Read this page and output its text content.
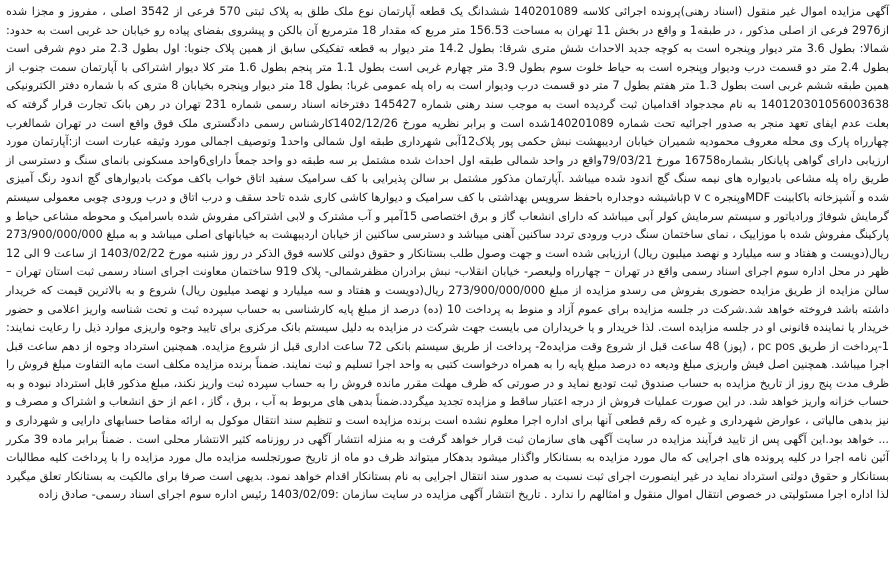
آگهی مزایده اموال غیر منقول (اسناد رهنی)پرونده اجرائی کلاسه 140201089 ششدانگ یک قطعه آپارتمان نوع ملک طلق به پلاک ثبتی 570 فرعی از 3542 اصلی ، مفروز و مجزا شده از2976 فرعی از اصلی مذکور ، در طبقه1 و واقع در بخش 11 تهران به مساحت 156.53 متر مربع که مقدار 18 مترمربع آن بالکن و پیشروی بفضای پیاده رو خیابان حد غربی است به حدود: شمالا: بطول 3.6 متر دیوار وپنجره است به کوچه جدید الاحداث شش متری شرقا: بطول 14.2 متر دیوار به قطعه تفکیکی سابق از همین پلاک جنوبا: اول بطول 2.3 متر دوم شرقی است بطول 2.4 متر دو قسمت درب ودیوار وپنجره است به حیاط خلوت سوم بطول 3.9 متر چهارم غربی است بطول 1.1 متر پنجم بطول 1.6 متر کلا دیوار اشتراکی با آپارتمان سمت جنوب از همین طبقه ششم غربی است بطول 1.3 متر هفتم بطول 7 متر دو قسمت درب ودیوار است به راه پله عمومی غربا: بطول 18 متر دیوار وپنجره بخیابان 8 متری که با شماره دفتر الکترونیکی 140120301056003638 به نام مجدجواد اقدامیان ثبت گردیده است به موجب سند رهنی شماره 145427 دفترخانه اسناد رسمی شماره 231 تهران در رهن بانک تجارت قرار گرفته که بعلت عدم ایفای تعهد منجر به صدور اجرائیه تحت شماره 140201089شده است و برابر نظریه مورخ 1402/12/26کارشناس رسمی دادگستری ملک فوق واقع است در تهران شمالغرب چهارراه پارک وی محله معروف محمودیه شمیران خیابان اردیبهشت نبش حکمی پور پلاک12آبی شهرداری طبقه اول شمالی واحد1 وتوصیف اجمالی مورد وثیقه عبارت است از:آپارتمان مورد ارزیابی دارای گواهی پایانکار بشماره16758 مورخ 79/03/21واقع در واحد شمالی طبقه اول احداث شده مشتمل بر سه طبقه دو واحد جمعاً دارای6واحد مسکونی بانمای سنگ و دسترسی از طریق راه پله مشاعی بادیواره های نیمه سنگ گچ اندود شده میباشد .آپارتمان مذکور مشتمل بر سالن پذیرایی با کف سرامیک سفید اتاق خواب باکف موکت بادیوارهای گچ اندود رنگ آمیزی شده و آشپزخانه باکابینت MDFوپنجره p v cباشیشه دوجداره باحفظ سرویس بهداشتی با کف سرامیک و دیوارها کاشی کاری شده تاحد سقف و درب اتاق و درب ورودی چوبی معمولی سیستم گرمایش شوفاژ ورادیاتور و سیستم سرمایش کولر آبی میباشد که دارای انشعاب گاز و برق اختصاصی 15آمپر و آب مشترک و لابی اشتراکی مفروش شده باسرامیک و محوطه مشاعی حیاط و پارکینگ مفروش شده با موزاییک ، نمای ساختمان سنگ درب ورودی تردد ساکنین آهنی میباشد و دسترسی ساکنین از خیابان اردیبهشت به خیابانهای اصلی میباشد و به مبلغ 273/900/000/000 ریال(دویست و هفتاد و سه میلیارد و نهصد میلیون ریال) ارزیابی شده است و جهت وصول طلب بستانکار و حقوق دولتی کلاسه فوق الذکر در روز شنبه مورخ 1403/02/22 از ساعت 9 الی 12 ظهر در محل اداره سوم اجرای اسناد رسمی واقع در تهران – چهارراه ولیعصر- خیابان انقلاب- نبش برادران مظفرشمالی- پلاک 919 ساختمان معاونت اجرای اسناد رسمی ثبت استان تهران – سالن مزایده از طریق مزایده حضوری بفروش می رسدو مزایده از مبلغ 273/900/000/000 ریال(دویست و هفتاد و سه میلیارد و نهصد میلیون ریال) شروع و به بالاترین قیمت که خریدار داشته باشد فروخته خواهد شد.شرکت در جلسه مزایده برای عموم آزاد و منوط به پرداخت 10 (ده) درصد از مبلغ پایه کارشناسی به حساب سپرده ثبت و تحت شناسه واریز اعلامی و حضور خریدار یا نماینده قانونی او در جلسه مزایده است. لذا خریدار و یا خریداران می بایست جهت شرکت در مزایده به دلیل سیستم بانک مرکزی برای تایید وجوه واریزی موارد ذیل را رعایت نمایند: 1-پرداخت از طریق pc pos ، (پوز) 48 ساعت قبل از شروع وقت مزایده2- پرداخت از طریق سیستم بانکی 72 ساعت اداری قبل از شروع مزایده. همچنین استرداد وجوه از دهم ساعت قبل اجرا میباشد. همچنین اصل فیش واریزی مبلغ ودیعه ده درصد مبلغ پایه را به همراه درخواست کتبی به واحد اجرا تسلیم و ثبت نمایند. ضمناً برنده مزایده مکلف است مابه التفاوت مبلغ فروش را ظرف مدت پنج روز از تاریخ مزایده به حساب صندوق ثبت تودیع نماید و در صورتی که ظرف مهلت مقرر مانده فروش را به حساب سپرده ثبت واریز نکند، مبلغ مذکور قابل استرداد نبوده و به حساب خزانه واریز خواهد شد. در این صورت عملیات فروش از درجه اعتبار ساقط و مزایده تجدید میگردد.ضمناً بدهی های مربوط به آب ، برق ، گاز ، اعم از حق انشعاب و اشتراک و مصرف و نیز بدهی مالیاتی ، عوارض شهرداری و غیره که رقم قطعی آنها برای اداره اجرا معلوم نشده است برنده مزایده است و تنظیم سند انتقال موکول به ارائه مفاصا حسابهای دارایی و شهرداری و ... خواهد بود.این آگهی پس از تایید فرآیند مزایده در سایت آگهی های سازمان ثبت قرار خواهد گرفت و به منزله انتشار آگهی در روزنامه کثیر الانتشار محلی است . ضمناً برابر ماده 39 مکرر آئین نامه اجرا در کلیه پرونده های اجرایی که مال مورد مزایده به بستانکار واگذار میشود بدهکار میتواند ظرف دو ماه از تاریخ صورتجلسه مزایده مال مورد مزایده را با پرداخت کلیه مطالبات بستانکار و حقوق دولتی استرداد نماید در غیر اینصورت اجرای ثبت نسبت به صدور سند انتقال اجرایی به نام بستانکار اقدام خواهد نمود. بدیهی است صرفا برای مالکیت به بستانکار تعلق میگیرد لذا اداره اجرا مسئولیتی در خصوص انتقال اموال منقول و امثالهم را ندارد . تاریخ انتشار آگهی مزایده در سایت سازمان :1403/02/09 رئیس اداره سوم اجرای اسناد رسمی- صادق زاده
